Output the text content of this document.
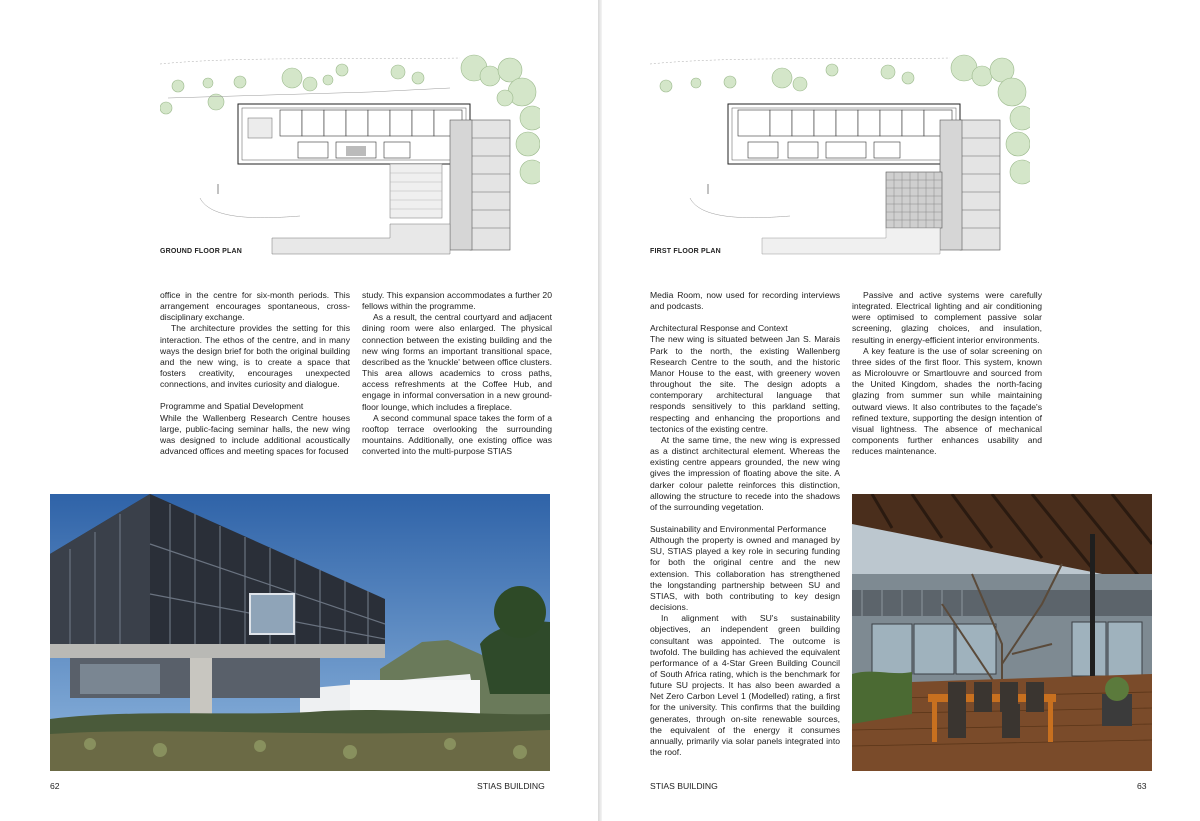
GROUND FLOOR PLAN

office in the centre for six-month periods. This arrangement encourages spontaneous, cross-disciplinary exchange.

The architecture provides the setting for this interaction. The ethos of the centre, and in many ways the design brief for both the original building and the new wing, is to create a space that fosters creativity, encourages unexpected connections, and invites curiosity and dialogue.

Programme and Spatial Development

While the Wallenberg Research Centre houses large, public-facing seminar halls, the new wing was designed to include additional acoustically advanced offices and meeting spaces for focused

study. This expansion accommodates a further 20 fellows within the programme.

As a result, the central courtyard and adjacent dining room were also enlarged. The physical connection between the existing building and the new wing forms an important transitional space, described as the 'knuckle' between office clusters. This area allows academics to cross paths, access refreshments at the Coffee Hub, and engage in informal conversation in a new ground-floor lounge, which includes a fireplace.

A second communal space takes the form of a rooftop terrace overlooking the surrounding mountains. Additionally, one existing office was converted into the multi-purpose STIAS

62	STIAS BUILDING
FIRST FLOOR PLAN

Media Room, now used for recording interviews and podcasts.

Architectural Response and Context

The new wing is situated between Jan S. Marais Park to the north, the existing Wallenberg Research Centre to the south, and the historic Manor House to the east, with greenery woven throughout the site. The design adopts a contemporary architectural language that responds sensitively to this parkland setting, respecting and enhancing the proportions and tectonics of the existing centre.

At the same time, the new wing is expressed as a distinct architectural element. Whereas the existing centre appears grounded, the new wing gives the impression of floating above the site. A darker colour palette reinforces this distinction, allowing the structure to recede into the shadows of the surrounding vegetation.

Sustainability and Environmental Performance

Although the property is owned and managed by SU, STIAS played a key role in securing funding for both the original centre and the new extension. This collaboration has strengthened the longstanding partnership between SU and STIAS, with both contributing to key design decisions.

In alignment with SU's sustainability objectives, an independent green building consultant was appointed. The outcome is twofold. The building has achieved the equivalent performance of a 4-Star Green Building Council of South Africa rating, which is the benchmark for future SU projects. It has also been awarded a Net Zero Carbon Level 1 (Modelled) rating, a first for the university. This confirms that the building generates, through on-site renewable sources, the equivalent of the energy it consumes annually, primarily via solar panels integrated into the roof.

Passive and active systems were carefully integrated. Electrical lighting and air conditioning were optimised to complement passive solar screening, glazing choices, and insulation, resulting in energy-efficient interior environments.

A key feature is the use of solar screening on three sides of the first floor. This system, known as Microlouvre or Smartlouvre and sourced from the United Kingdom, shades the north-facing glazing from summer sun while maintaining outward views. It also contributes to the façade's refined texture, supporting the design intention of visual lightness. The absence of mechanical components further enhances usability and reduces maintenance.

STIAS BUILDING	63
